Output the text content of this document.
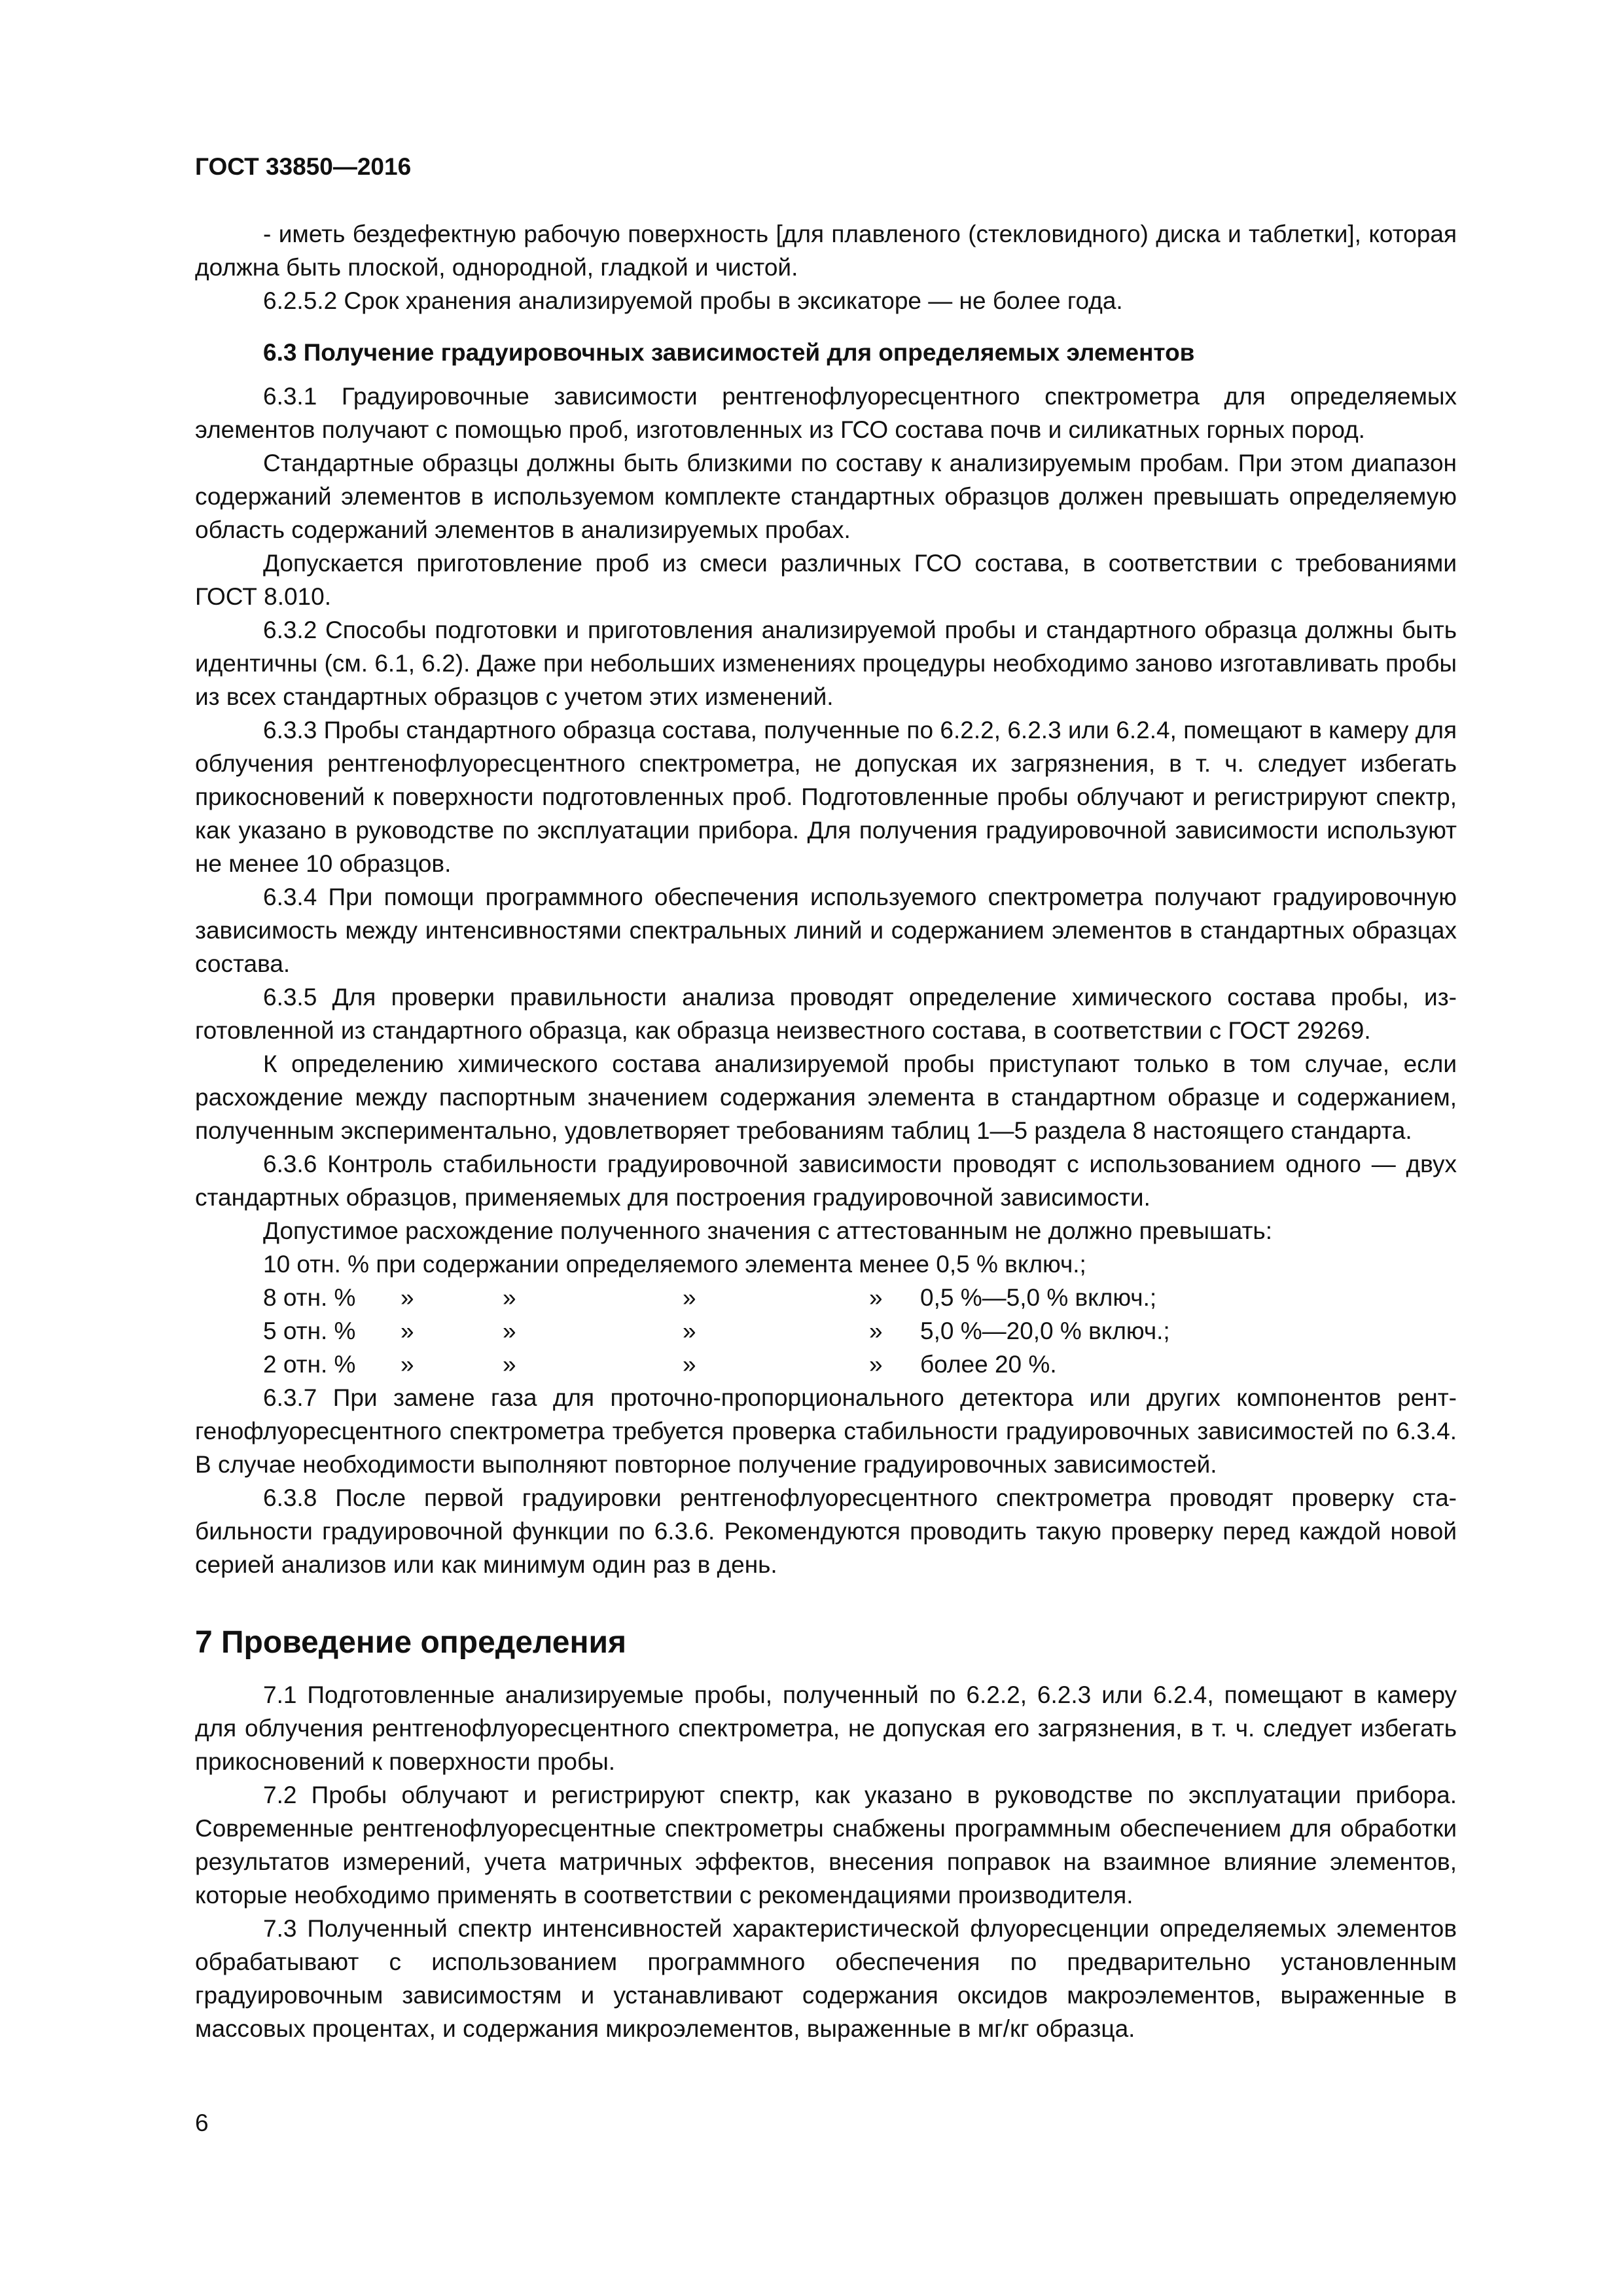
ГОСТ 33850—2016

- иметь бездефектную рабочую поверхность [для плавленого (стекловидного) диска и таблетки], которая должна быть плоской, однородной, гладкой и чистой.

6.2.5.2 Срок хранения анализируемой пробы в эксикаторе — не более года.

6.3 Получение градуировочных зависимостей для определяемых элементов

6.3.1 Градуировочные зависимости рентгенофлуоресцентного спектрометра для определяемых элементов получают с помощью проб, изготовленных из ГСО состава почв и силикатных горных пород.

Стандартные образцы должны быть близкими по составу к анализируемым пробам. При этом диапазон содержаний элементов в используемом комплекте стандартных образцов должен превышать определяемую область содержаний элементов в анализируемых пробах.

Допускается приготовление проб из смеси различных ГСО состава, в соответствии с требованиями ГОСТ 8.010.

6.3.2 Способы подготовки и приготовления анализируемой пробы и стандартного образца должны быть идентичны (см. 6.1, 6.2). Даже при небольших изменениях процедуры необходимо заново изготавливать пробы из всех стандартных образцов с учетом этих изменений.

6.3.3 Пробы стандартного образца состава, полученные по 6.2.2, 6.2.3 или 6.2.4, помещают в камеру для облучения рентгенофлуоресцентного спектрометра, не допуская их загрязнения, в т. ч. следует избегать прикосновений к поверхности подготовленных проб. Подготовленные пробы облучают и регистрируют спектр, как указано в руководстве по эксплуатации прибора. Для получения градуировочной зависимости используют не менее 10 образцов.

6.3.4 При помощи программного обеспечения используемого спектрометра получают градуировочную зависимость между интенсивностями спектральных линий и содержанием элементов в стандартных образцах состава.

6.3.5 Для проверки правильности анализа проводят определение химического состава пробы, изготовленной из стандартного образца, как образца неизвестного состава, в соответствии с ГОСТ 29269.

К определению химического состава анализируемой пробы приступают только в том случае, если расхождение между паспортным значением содержания элемента в стандартном образце и содержанием, полученным экспериментально, удовлетворяет требованиям таблиц 1—5 раздела 8 настоящего стандарта.

6.3.6 Контроль стабильности градуировочной зависимости проводят с использованием одного — двух стандартных образцов, применяемых для построения градуировочной зависимости.

Допустимое расхождение полученного значения с аттестованным не должно превышать:

10 отн. % при содержании определяемого элемента менее 0,5 % включ.;

8 отн. % »	»	»	» 0,5 %—5,0 % включ.;
5 отн. % »	»	»	» 5,0 %—20,0 % включ.;
2 отн. % »	»	»	» более 20 %.

6.3.7 При замене газа для проточно-пропорционального детектора или других компонентов рентгенофлуоресцентного спектрометра требуется проверка стабильности градуировочных зависимостей по 6.3.4. В случае необходимости выполняют повторное получение градуировочных зависимостей.

6.3.8 После первой градуировки рентгенофлуоресцентного спектрометра проводят проверку стабильности градуировочной функции по 6.3.6. Рекомендуются проводить такую проверку перед каждой новой серией анализов или как минимум один раз в день.

7 Проведение определения

7.1 Подготовленные анализируемые пробы, полученный по 6.2.2, 6.2.3 или 6.2.4, помещают в камеру для облучения рентгенофлуоресцентного спектрометра, не допуская его загрязнения, в т. ч. следует избегать прикосновений к поверхности пробы.

7.2 Пробы облучают и регистрируют спектр, как указано в руководстве по эксплуатации прибора. Современные рентгенофлуоресцентные спектрометры снабжены программным обеспечением для обработки результатов измерений, учета матричных эффектов, внесения поправок на взаимное влияние элементов, которые необходимо применять в соответствии с рекомендациями производителя.

7.3 Полученный спектр интенсивностей характеристической флуоресценции определяемых элементов обрабатывают с использованием программного обеспечения по предварительно установленным градуировочным зависимостям и устанавливают содержания оксидов макроэлементов, выраженные в массовых процентах, и содержания микроэлементов, выраженные в мг/кг образца.

6
